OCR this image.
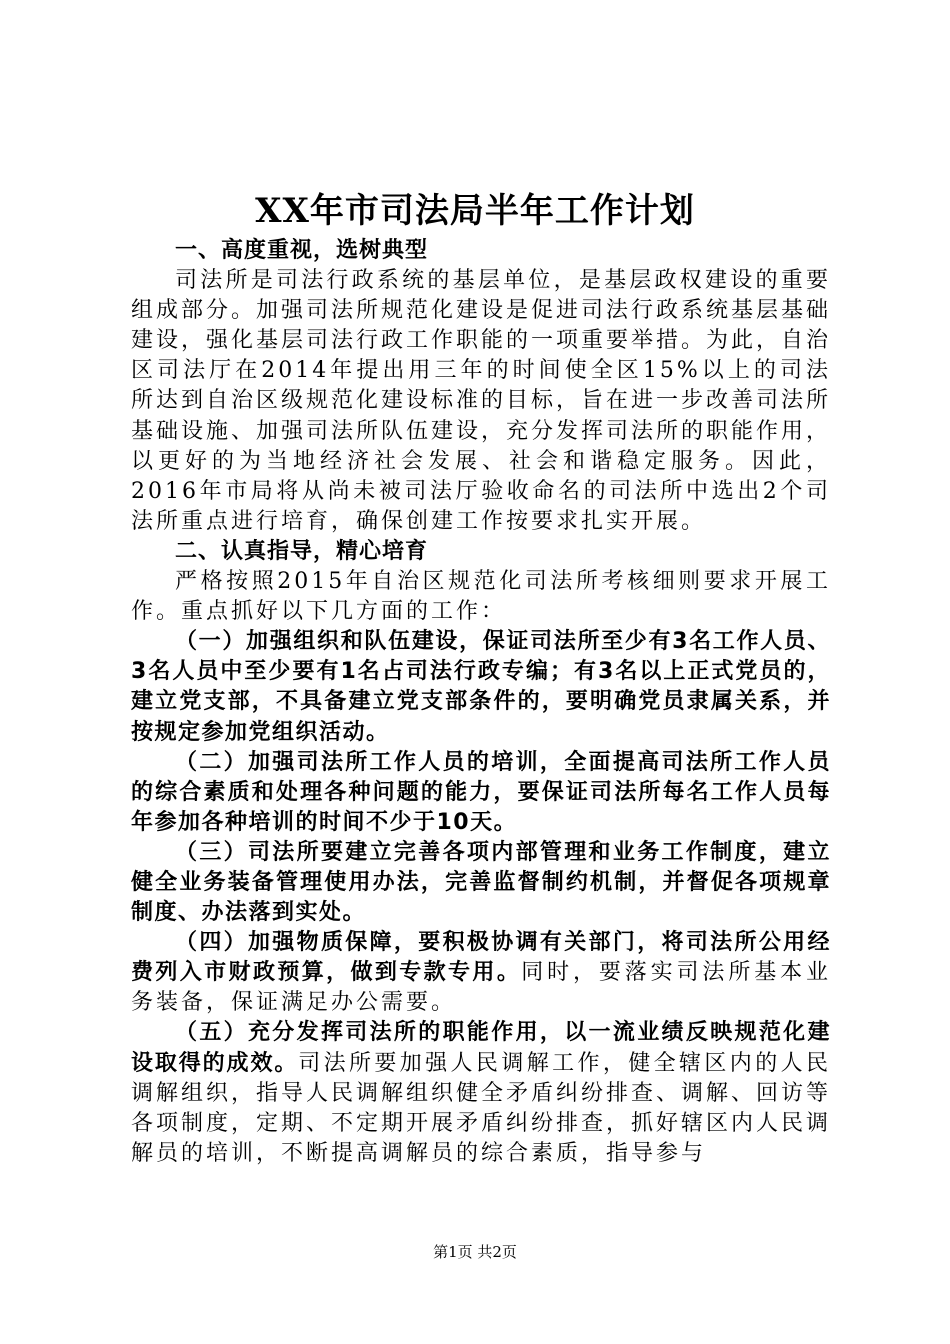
XX年市司法局半年工作计划

一、高度重视，选树典型

司法所是司法行政系统的基层单位，是基层政权建设的重要组成部分。加强司法所规范化建设是促进司法行政系统基层基础建设，强化基层司法行政工作职能的一项重要举措。为此，自治区司法厅在2014年提出用三年的时间使全区15%以上的司法所达到自治区级规范化建设标准的目标，旨在进一步改善司法所基础设施、加强司法所队伍建设，充分发挥司法所的职能作用，以更好的为当地经济社会发展、社会和谐稳定服务。因此，2016年市局将从尚未被司法厅验收命名的司法所中选出2个司法所重点进行培育，确保创建工作按要求扎实开展。

二、认真指导，精心培育

严格按照2015年自治区规范化司法所考核细则要求开展工作。重点抓好以下几方面的工作：

（一）加强组织和队伍建设，保证司法所至少有3名工作人员、3名人员中至少要有1名占司法行政专编；有3名以上正式党员的，建立党支部，不具备建立党支部条件的，要明确党员隶属关系，并按规定参加党组织活动。

（二）加强司法所工作人员的培训，全面提高司法所工作人员的综合素质和处理各种问题的能力，要保证司法所每名工作人员每年参加各种培训的时间不少于10天。

（三）司法所要建立完善各项内部管理和业务工作制度，建立健全业务装备管理使用办法，完善监督制约机制，并督促各项规章制度、办法落到实处。

（四）加强物质保障，要积极协调有关部门，将司法所公用经费列入市财政预算，做到专款专用。同时，要落实司法所基本业务装备，保证满足办公需要。

（五）充分发挥司法所的职能作用，以一流业绩反映规范化建设取得的成效。司法所要加强人民调解工作，健全辖区内的人民调解组织，指导人民调解组织健全矛盾纠纷排查、调解、回访等各项制度，定期、不定期开展矛盾纠纷排查，抓好辖区内人民调解员的培训，不断提高调解员的综合素质，指导参与

第1页 共2页
